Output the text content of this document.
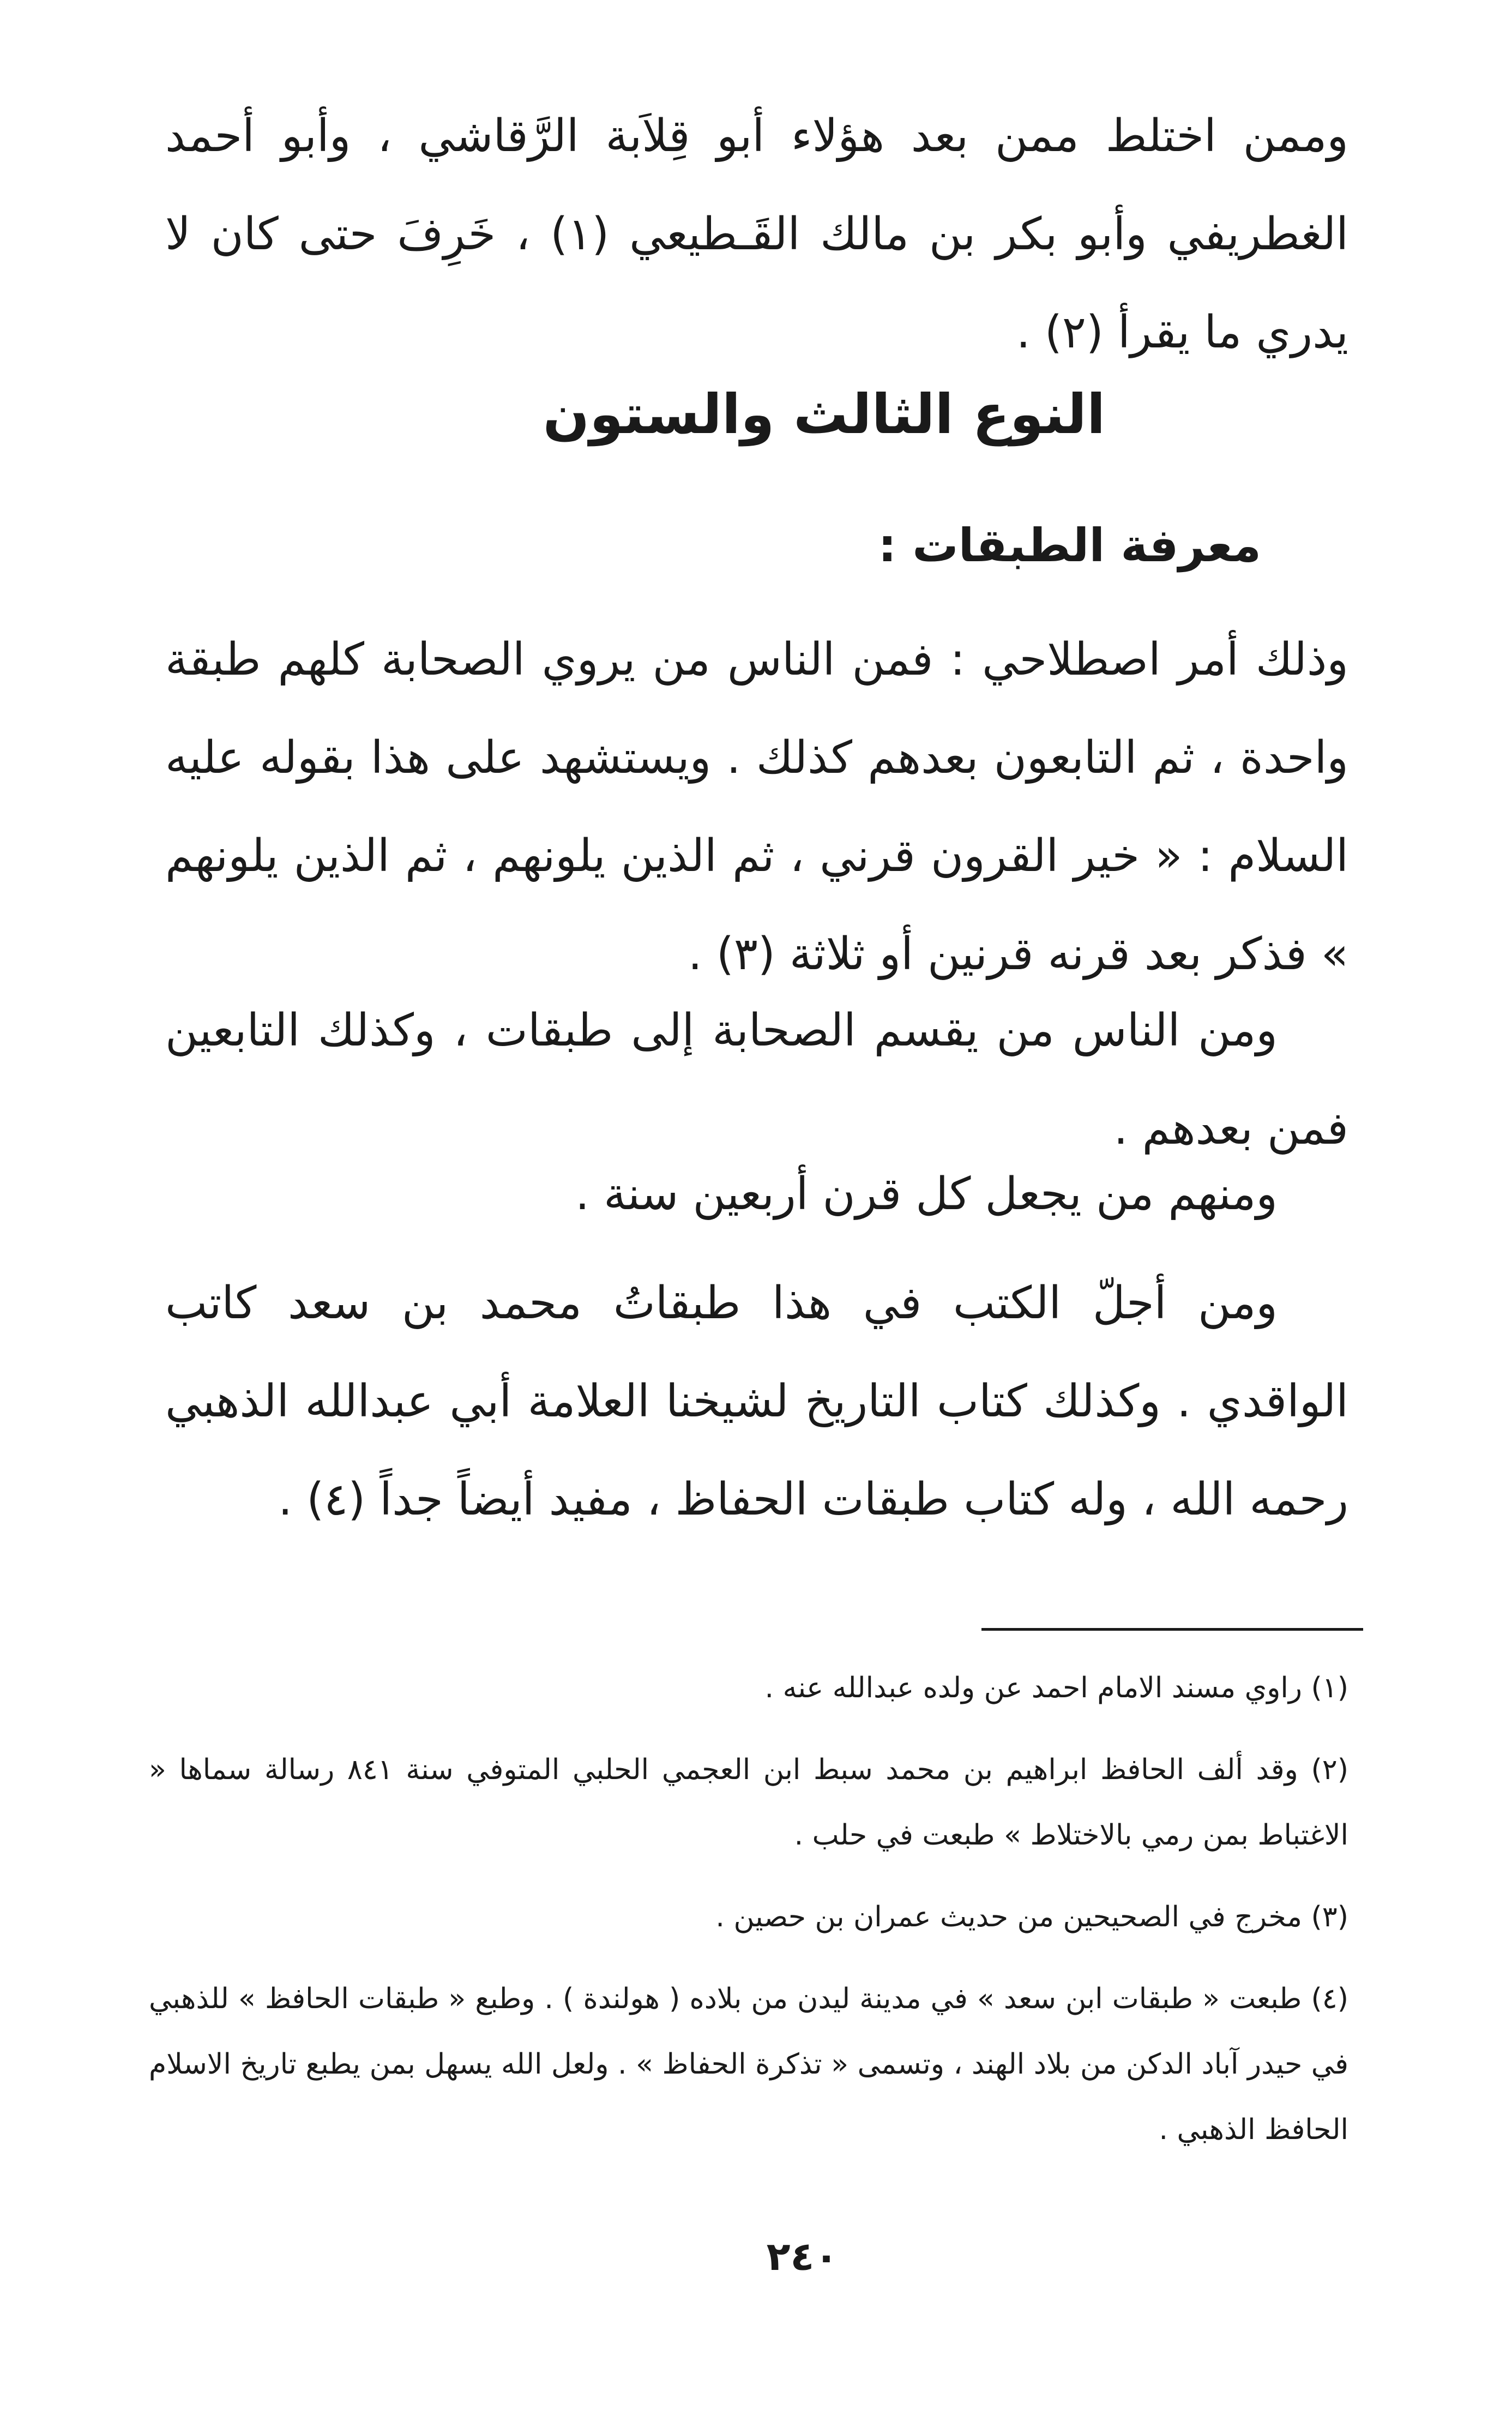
وممن اختلط ممن بعد هؤلاء أبو قِلاَبة الرَّقاشي ، وأبو أحمد الغطريفي وأبو بكر بن مالك القَـطيعي (١) ، خَرِفَ حتى كان لا يدري ما يقرأ (٢) .

النوع الثالث والستون
معرفة الطبقات :

وذلك أمر اصطلاحي : فمن الناس من يروي الصحابة كلهم طبقة واحدة ، ثم التابعون بعدهم كذلك . ويستشهد على هذا بقوله عليه السلام : « خير القرون قرني ، ثم الذين يلونهم ، ثم الذين يلونهم » فذكر بعد قرنه قرنين أو ثلاثة (٣) .

ومن الناس من يقسم الصحابة إلى طبقات ، وكذلك التابعين فمن بعدهم .

ومنهم من يجعل كل قرن أربعين سنة .

ومن أجلّ الكتب في هذا طبقاتُ محمد بن سعد كاتب الواقدي . وكذلك كتاب التاريخ لشيخنا العلامة أبي عبدالله الذهبي رحمه الله ، وله كتاب طبقات الحفاظ ، مفيد أيضاً جداً (٤) .

(١) راوي مسند الامام احمد عن ولده عبدالله عنه .
(٢) وقد ألف الحافظ ابراهيم بن محمد سبط ابن العجمي الحلبي المتوفي سنة ٨٤١ رسالة سماها « الاغتباط بمن رمي بالاختلاط » طبعت في حلب .
(٣) مخرج في الصحيحين من حديث عمران بن حصين .
(٤) طبعت « طبقات ابن سعد » في مدينة ليدن من بلاده ( هولندة ) . وطبع « طبقات الحافظ » للذهبي في حيدر آباد الدكن من بلاد الهند ، وتسمى « تذكرة الحفاظ » . ولعل الله يسهل بمن يطبع تاريخ الاسلام الحافظ الذهبي .
٢٤٠
